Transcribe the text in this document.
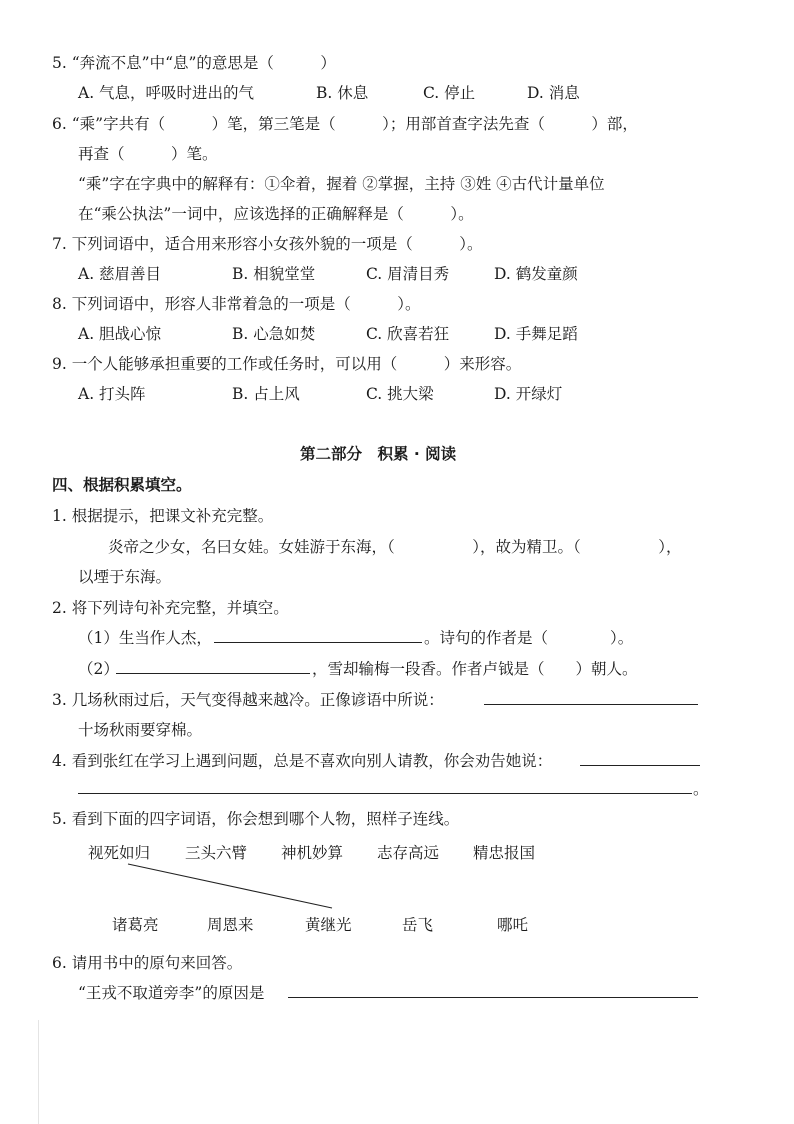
5. “奔流不息”中“息”的意思是（　　　）
A. 气息，呼吸时进出的气	B. 休息	C. 停止	D. 消息
6. “乘”字共有（　　　）笔，第三笔是（　　　）；用部首查字法先查（　　　）部，
再查（　　　）笔。
“乘”字在字典中的解释有：①伞着，握着 ②掌握，主持 ③姓 ④古代计量单位
在“乘公执法”一词中，应该选择的正确解释是（　　　）。
7. 下列词语中，适合用来形容小女孩外貌的一项是（　　　）。
A. 慈眉善目	B. 相貌堂堂	C. 眉清目秀	D. 鹤发童颜
8. 下列词语中，形容人非常着急的一项是（　　　）。
A. 胆战心惊	B. 心急如焚	C. 欣喜若狂	D. 手舞足蹈
9. 一个人能够承担重要的工作或任务时，可以用（　　　）来形容。
A. 打头阵	B. 占上风	C. 挑大梁	D. 开绿灯
第二部分　积累 · 阅读
四、根据积累填空。
1. 根据提示，把课文补充完整。
炎帝之少女，名曰女娃。女娃游于东海，（　　　　　），故为精卫。（　　　　　），
以堙于东海。
2. 将下列诗句补充完整，并填空。
（1）生当作人杰，	。诗句的作者是（　　　　）。
（2）	，雪却输梅一段香。作者卢钺是（　　）朝人。
3. 几场秋雨过后，天气变得越来越冷。正像谚语中所说：
十场秋雨要穿棉。
4. 看到张红在学习上遇到问题，总是不喜欢向别人请教，你会劝告她说：
。
5. 看到下面的四字词语，你会想到哪个人物，照样子连线。
视死如归 三头六臂 神机妙算 志存高远 精忠报国
诸葛亮	周恩来	黄继光	岳飞	哪吒
6. 请用书中的原句来回答。
“王戎不取道旁李”的原因是
